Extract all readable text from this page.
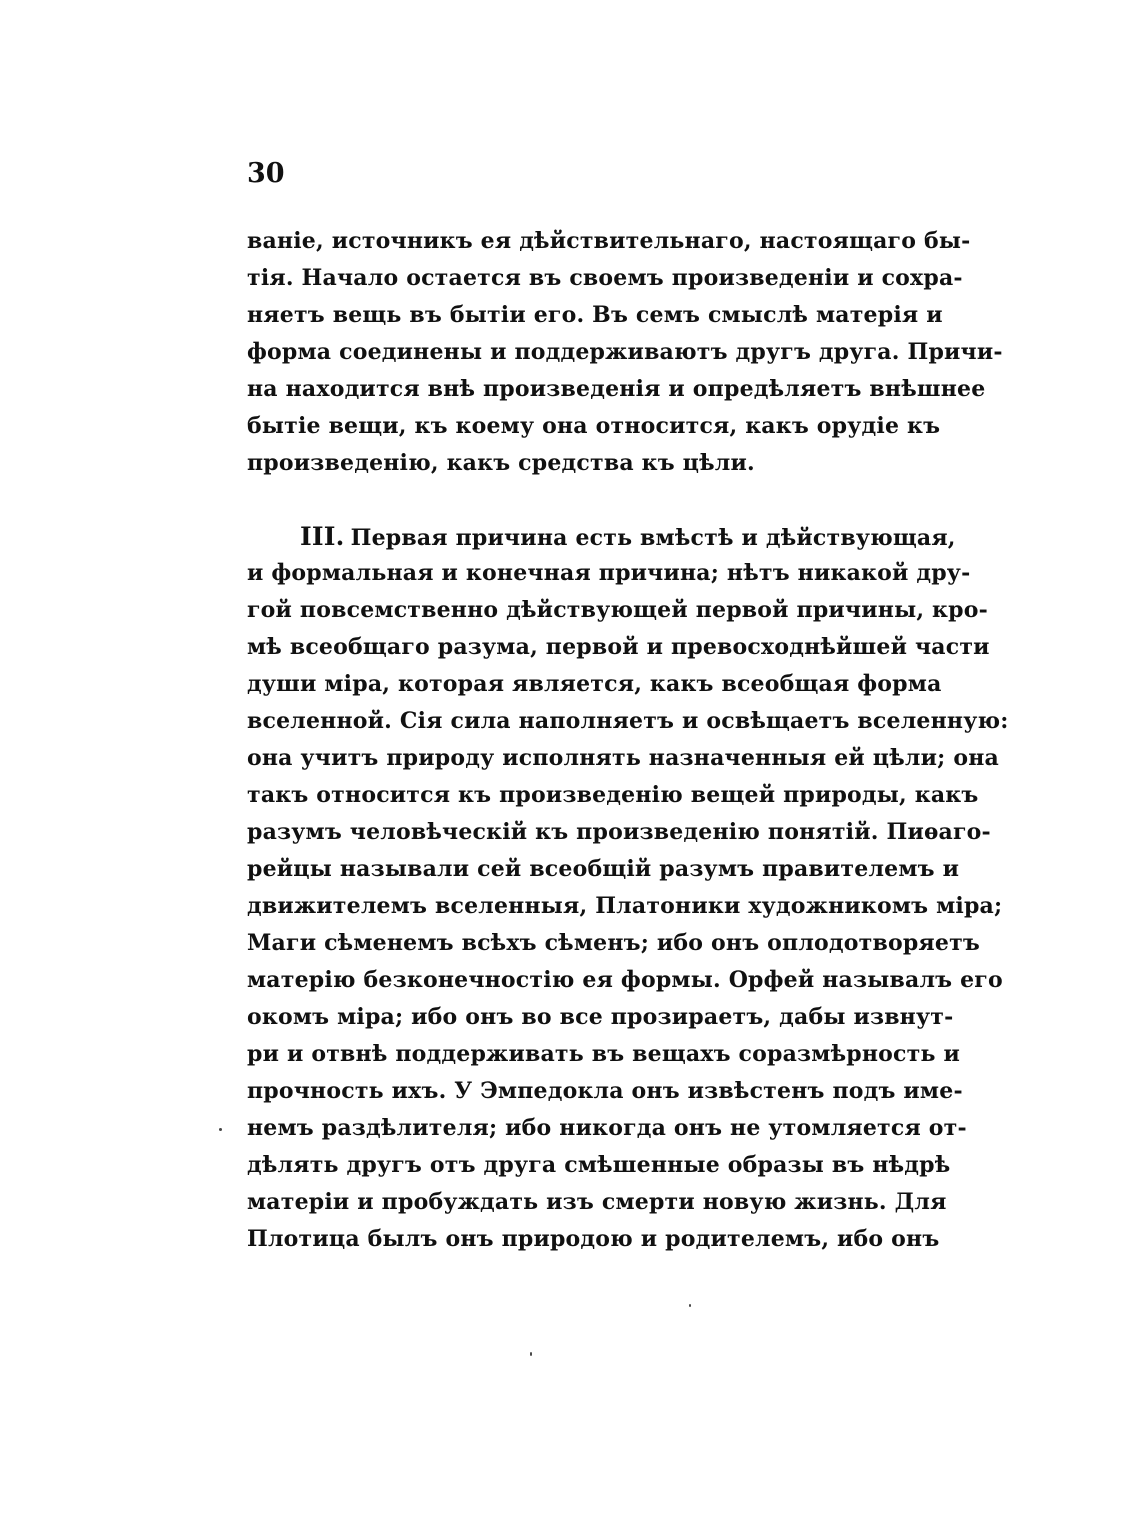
30
ваніе, источникъ ея дѣйствительнаго, настоящаго бы-
тія. Начало остается въ своемъ произведеніи и сохра-
няетъ вещь въ бытіи его. Въ семъ смыслѣ матерія и
форма соединены и поддерживаютъ другъ друга. Причи-
на находится внѣ произведенія и опредѣляетъ внѣшнее
бытіе вещи, къ коему она относится, какъ орудіе къ
произведенію, какъ средства къ цѣли.
III. Первая причина есть вмѣстѣ и дѣйствующая,
и формальная и конечная причина; нѣтъ никакой дру-
гой повсемственно дѣйствующей первой причины, кро-
мѣ всеобщаго разума, первой и превосходнѣйшей части
души міра, которая является, какъ всеобщая форма
вселенной. Сія сила наполняетъ и освѣщаетъ вселенную:
она учитъ природу исполнять назначенныя ей цѣли; она
такъ относится къ произведенію вещей природы, какъ
разумъ человѣческій къ произведенію понятій. Пиѳаго-
рейцы называли сей всеобщій разумъ правителемъ и
движителемъ вселенныя, Платоники художникомъ міра;
Маги сѣменемъ всѣхъ сѣменъ; ибо онъ оплодотворяетъ
матерію безконечностію ея формы. Орфей называлъ его
окомъ міра; ибо онъ во все прозираетъ, дабы извнут-
ри и отвнѣ поддерживать въ вещахъ соразмѣрность и
прочность ихъ. У Эмпедокла онъ извѣстенъ подъ име-
немъ раздѣлителя; ибо никогда онъ не утомляется от-
дѣлять другъ отъ друга смѣшенные образы въ нѣдрѣ
матеріи и пробуждать изъ смерти новую жизнь. Для
Плотица былъ онъ природою и родителемъ, ибо онъ
